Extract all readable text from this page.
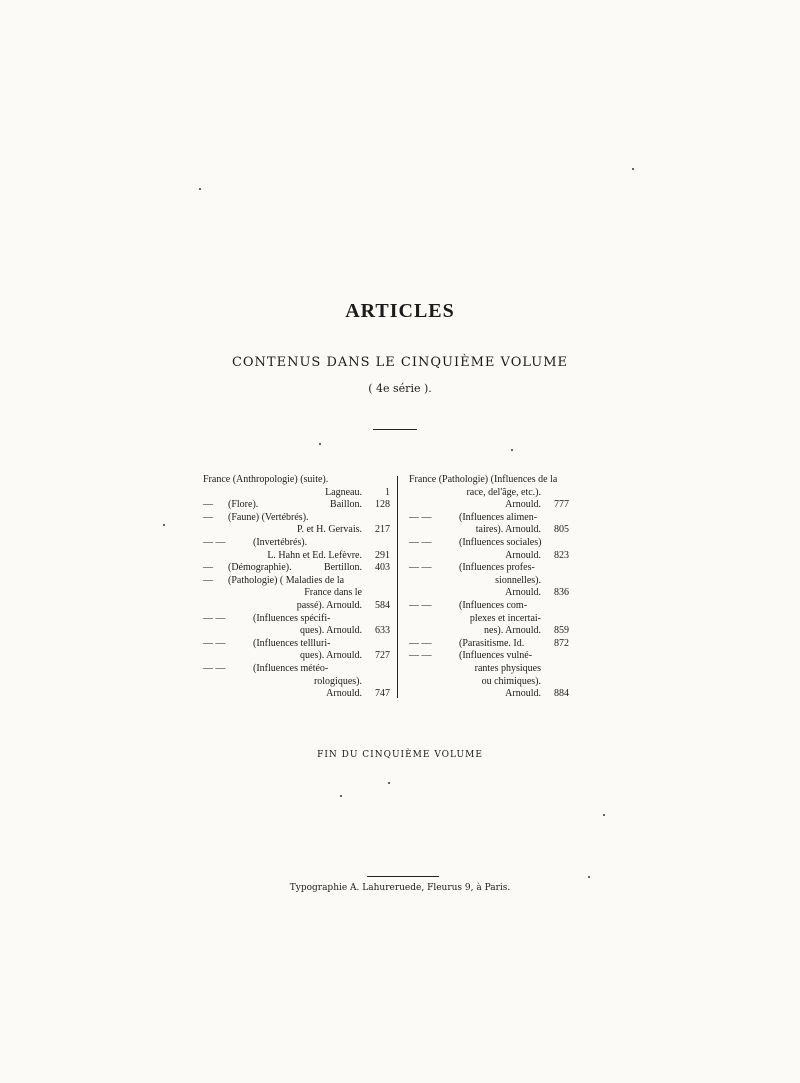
ARTICLES
CONTENUS DANS LE CINQUIÈME VOLUME
( 4e série ).
France (Anthropologie) (suite).
Lagneau. 1
— (Flore).	Baillon. 128
— (Faune) (Vertébrés).
P. et H. Gervais. 217
— —	(Invertébrés).
L. Hahn et Ed. Lefèvre. 291
— (Démographie).	Bertillon. 403
— (Pathologie) ( Maladies de la
France dans le
passé). Arnould. 584
— —	(Influences spécifi-
ques). Arnould. 633
— —	(Influences tellluri-
ques). Arnould. 727
— —	(Influences météo-
rologiques).
Arnould. 747
France (Pathologie) (Influences de la
race, del'âge, etc.).
Arnould. 777
— —	(Influences alimen-
taires). Arnould. 805
— —	(Influences sociales)
Arnould. 823
— —	(Influences profes-
sionnelles).
Arnould. 836
— —	(Influences com-
plexes et incertai-
nes). Arnould. 859
— —	(Parasitisme. Id.	872
— —	(Influences vulné-
rantes physiques
ou chimiques).
Arnould. 884
FIN DU CINQUIÈME VOLUME
Typographie A. Lahureruede, Fleurus 9, à Paris.
